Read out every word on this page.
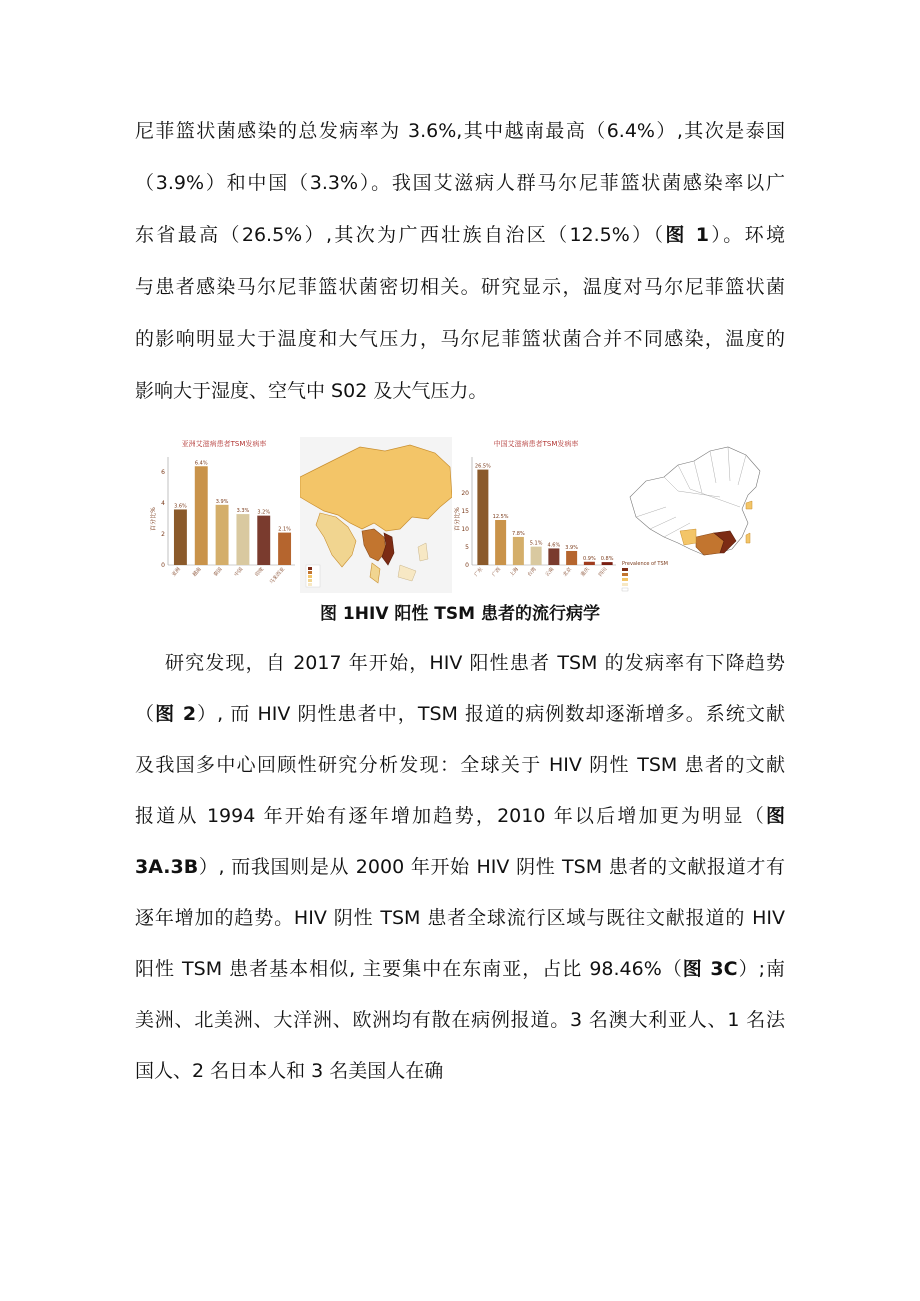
尼菲篮状菌感染的总发病率为 3.6%,其中越南最高（6.4%）,其次是泰国
（3.9%）和中国（3.3%）。我国艾滋病人群马尔尼菲篮状菌感染率以广
东省最高（26.5%）,其次为广西壮族自治区（12.5%）（图 1）。环境
与患者感染马尔尼菲篮状菌密切相关。研究显示，温度对马尔尼菲篮状菌
的影响明显大于温度和大气压力，马尔尼菲篮状菌合并不同感染，温度的
影响大于湿度、空气中 S02 及大气压力。
亚洲艾滋病患者TSM发病率
百分比%
0
2
4
6
3.6%
亚洲
6.4%
越南
3.9%
泰国
3.3%
中国
3.2%
印度
2.1%
马来西亚
中国艾滋病患者TSM发病率
百分比%
0
5
10
15
20
26.5%
广东
12.5%
广西
7.8%
上海
5.1%
台湾
4.6%
云南
3.9%
北京
0.9%
重庆
0.8%
四川
Prevalence of TSM
图 1HIV 阳性 TSM 患者的流行病学
研究发现，自 2017 年开始，HIV 阳性患者 TSM 的发病率有下降趋势
（图 2）, 而 HIV 阴性患者中，TSM 报道的病例数却逐渐增多。系统文献
及我国多中心回顾性研究分析发现：全球关于 HIV 阴性 TSM 患者的文献
报道从 1994 年开始有逐年增加趋势，2010 年以后增加更为明显（图
3A.3B）, 而我国则是从 2000 年开始 HIV 阴性 TSM 患者的文献报道才有
逐年增加的趋势。HIV 阴性 TSM 患者全球流行区域与既往文献报道的 HIV
阳性 TSM 患者基本相似, 主要集中在东南亚，占比 98.46%（图 3C）;南
美洲、北美洲、大洋洲、欧洲均有散在病例报道。3 名澳大利亚人、1 名法
国人、2 名日本人和 3 名美国人在确
